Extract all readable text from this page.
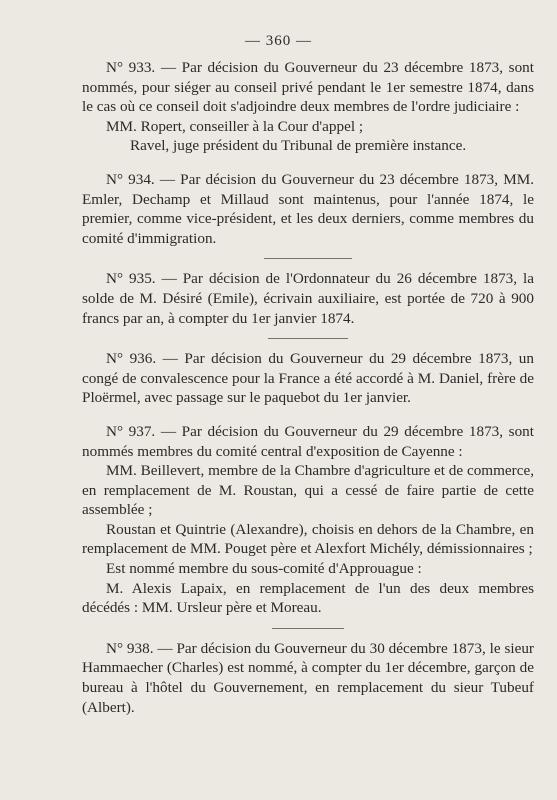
— 360 —

N° 933. — Par décision du Gouverneur du 23 décembre 1873, sont nommés, pour siéger au conseil privé pendant le 1er semestre 1874, dans le cas où ce conseil doit s'adjoindre deux membres de l'ordre judiciaire :

MM. Ropert, conseiller à la Cour d'appel ;

Ravel, juge président du Tribunal de première instance.

N° 934. — Par décision du Gouverneur du 23 décembre 1873, MM. Emler, Dechamp et Millaud sont maintenus, pour l'année 1874, le premier, comme vice-président, et les deux derniers, comme membres du comité d'immigration.

N° 935. — Par décision de l'Ordonnateur du 26 décembre 1873, la solde de M. Désiré (Emile), écrivain auxiliaire, est portée de 720 à 900 francs par an, à compter du 1er janvier 1874.

N° 936. — Par décision du Gouverneur du 29 décembre 1873, un congé de convalescence pour la France a été accordé à M. Daniel, frère de Ploërmel, avec passage sur le paquebot du 1er janvier.

N° 937. — Par décision du Gouverneur du 29 décembre 1873, sont nommés membres du comité central d'exposition de Cayenne :

MM. Beillevert, membre de la Chambre d'agriculture et de commerce, en remplacement de M. Roustan, qui a cessé de faire partie de cette assemblée ;

Roustan et Quintrie (Alexandre), choisis en dehors de la Chambre, en remplacement de MM. Pouget père et Alexfort Michély, démissionnaires ;

Est nommé membre du sous-comité d'Approuague :

M. Alexis Lapaix, en remplacement de l'un des deux membres décédés : MM. Ursleur père et Moreau.

N° 938. — Par décision du Gouverneur du 30 décembre 1873, le sieur Hammaecher (Charles) est nommé, à compter du 1er décembre, garçon de bureau à l'hôtel du Gouvernement, en remplacement du sieur Tubeuf (Albert).
